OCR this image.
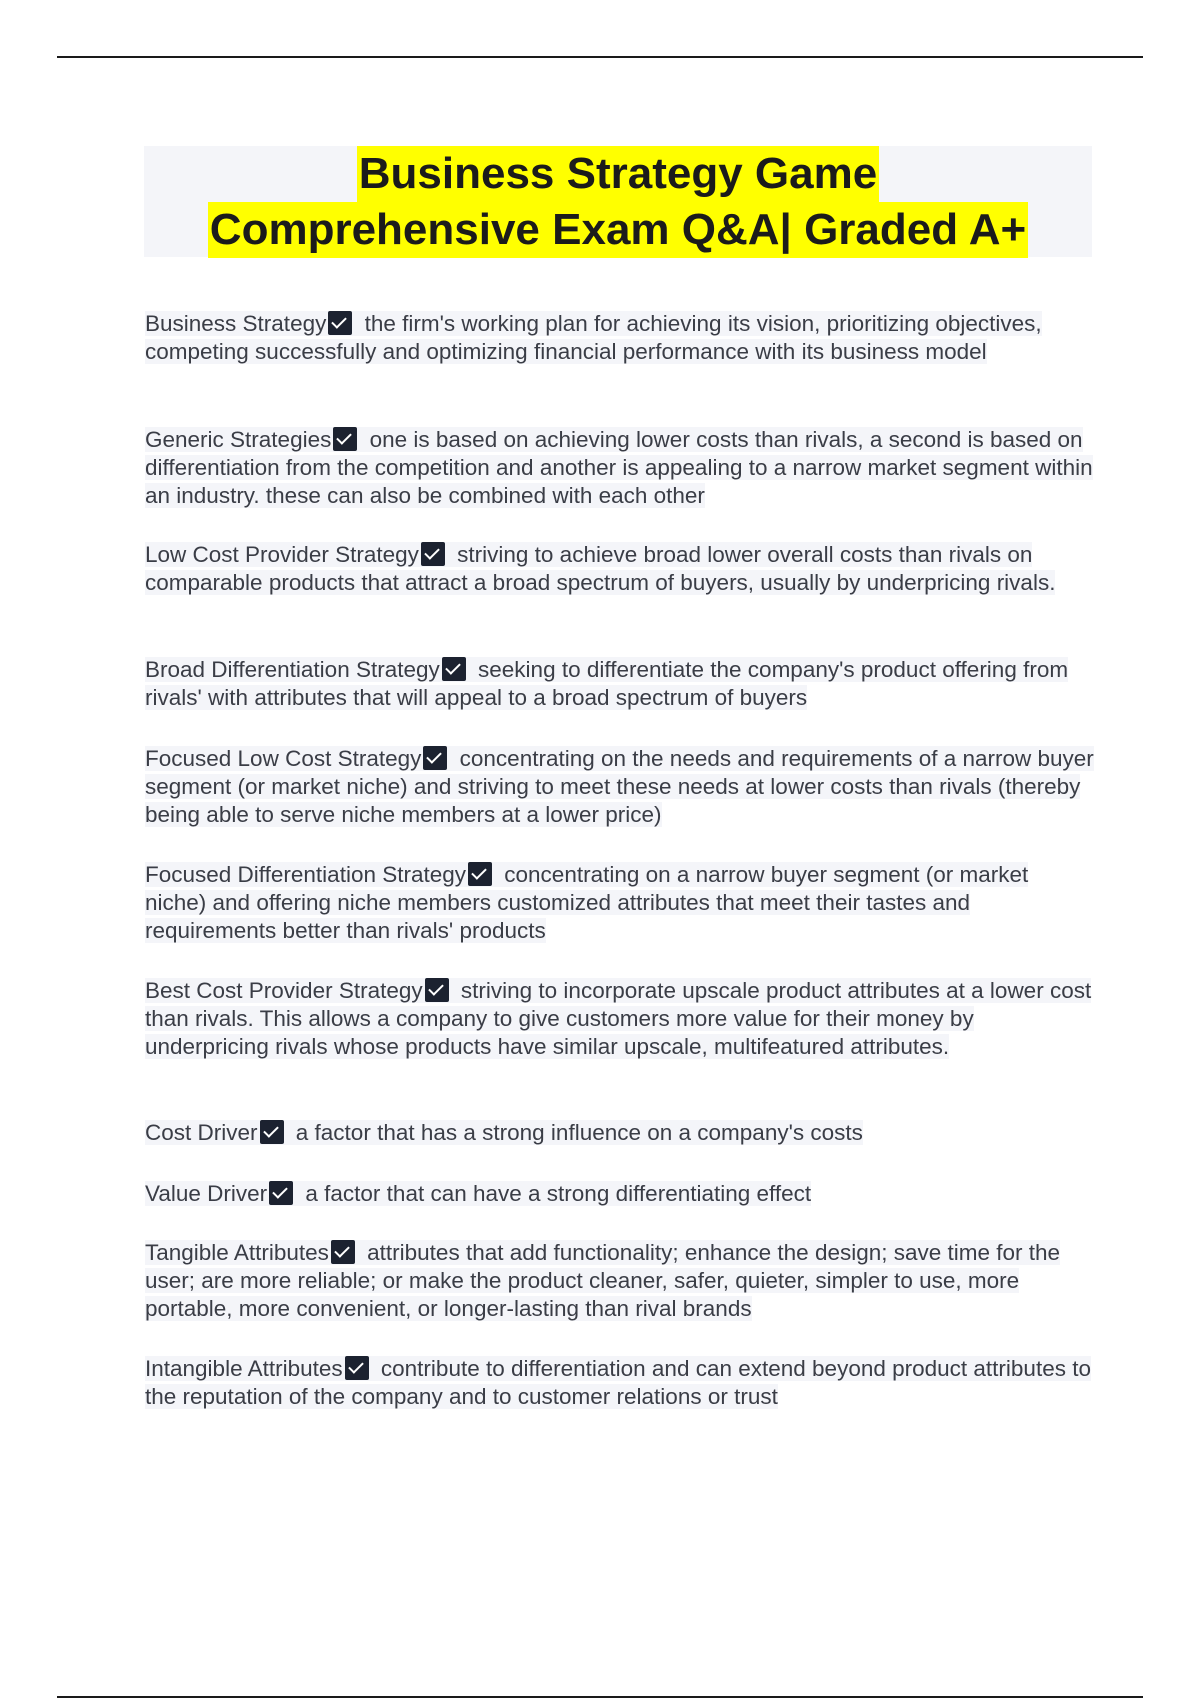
Business Strategy Game
Comprehensive Exam Q&A| Graded A+
Business Strategy the firm's working plan for achieving its vision, prioritizing objectives, competing successfully and optimizing financial performance with its business model
Generic Strategies one is based on achieving lower costs than rivals, a second is based on differentiation from the competition and another is appealing to a narrow market segment within an industry. these can also be combined with each other
Low Cost Provider Strategy striving to achieve broad lower overall costs than rivals on comparable products that attract a broad spectrum of buyers, usually by underpricing rivals.
Broad Differentiation Strategy seeking to differentiate the company's product offering from rivals' with attributes that will appeal to a broad spectrum of buyers
Focused Low Cost Strategy concentrating on the needs and requirements of a narrow buyer segment (or market niche) and striving to meet these needs at lower costs than rivals (thereby being able to serve niche members at a lower price)
Focused Differentiation Strategy concentrating on a narrow buyer segment (or market niche) and offering niche members customized attributes that meet their tastes and requirements better than rivals' products
Best Cost Provider Strategy striving to incorporate upscale product attributes at a lower cost than rivals. This allows a company to give customers more value for their money by underpricing rivals whose products have similar upscale, multifeatured attributes.
Cost Driver a factor that has a strong influence on a company's costs
Value Driver a factor that can have a strong differentiating effect
Tangible Attributes attributes that add functionality; enhance the design; save time for the user; are more reliable; or make the product cleaner, safer, quieter, simpler to use, more portable, more convenient, or longer-lasting than rival brands
Intangible Attributes contribute to differentiation and can extend beyond product attributes to the reputation of the company and to customer relations or trust
